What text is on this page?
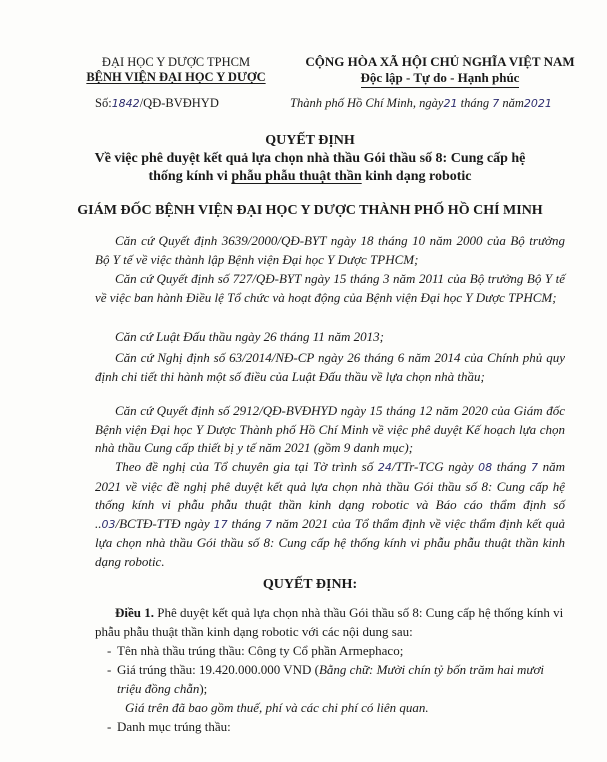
ĐẠI HỌC Y DƯỢC TPHCM
BỆNH VIỆN ĐẠI HỌC Y DƯỢC
CỘNG HÒA XÃ HỘI CHỦ NGHĨA VIỆT NAM
Độc lập - Tự do - Hạnh phúc
Số:1842/QĐ-BVĐHYD	Thành phố Hồ Chí Minh, ngày21 tháng 7 năm2021
QUYẾT ĐỊNH
Về việc phê duyệt kết quả lựa chọn nhà thầu Gói thầu số 8: Cung cấp hệ
thống kính vi phẫu phẫu thuật thần kinh dạng robotic
GIÁM ĐỐC BỆNH VIỆN ĐẠI HỌC Y DƯỢC THÀNH PHỐ HỒ CHÍ MINH

Căn cứ Quyết định 3639/2000/QĐ-BYT ngày 18 tháng 10 năm 2000 của Bộ trưởng Bộ Y tế về việc thành lập Bệnh viện Đại học Y Dược TPHCM;

Căn cứ Quyết định số 727/QĐ-BYT ngày 15 tháng 3 năm 2011 của Bộ trưởng Bộ Y tế về việc ban hành Điều lệ Tổ chức và hoạt động của Bệnh viện Đại học Y Dược TPHCM;

Căn cứ Luật Đấu thầu ngày 26 tháng 11 năm 2013;

Căn cứ Nghị định số 63/2014/NĐ-CP ngày 26 tháng 6 năm 2014 của Chính phủ quy định chi tiết thi hành một số điều của Luật Đấu thầu về lựa chọn nhà thầu;

Căn cứ Quyết định số 2912/QĐ-BVĐHYD ngày 15 tháng 12 năm 2020 của Giám đốc Bệnh viện Đại học Y Dược Thành phố Hồ Chí Minh về việc phê duyệt Kế hoạch lựa chọn nhà thầu Cung cấp thiết bị y tế năm 2021 (gồm 9 danh mục);

Theo đề nghị của Tổ chuyên gia tại Tờ trình số 24/TTr-TCG ngày 08 tháng 7 năm 2021 về việc đề nghị phê duyệt kết quả lựa chọn nhà thầu Gói thầu số 8: Cung cấp hệ thống kính vi phẫu phẫu thuật thần kinh dạng robotic và Báo cáo thẩm định số ..03/BCTĐ-TTĐ ngày 17 tháng 7 năm 2021 của Tổ thẩm định về việc thẩm định kết quả lựa chọn nhà thầu Gói thầu số 8: Cung cấp hệ thống kính vi phẫu phẫu thuật thần kinh dạng robotic.

QUYẾT ĐỊNH:

Điều 1. Phê duyệt kết quả lựa chọn nhà thầu Gói thầu số 8: Cung cấp hệ thống kính vi phẫu phẫu thuật thần kinh dạng robotic với các nội dung sau:

- Tên nhà thầu trúng thầu: Công ty Cổ phần Armephaco;

- Giá trúng thầu: 19.420.000.000 VND (Bằng chữ: Mười chín tỷ bốn trăm hai mươi triệu đồng chẵn);

Giá trên đã bao gồm thuế, phí và các chi phí có liên quan.

- Danh mục trúng thầu:
